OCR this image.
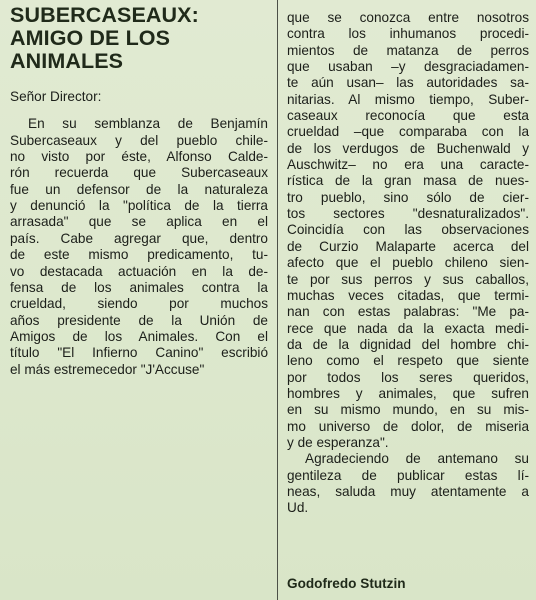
SUBERCASEAUX:
AMIGO DE LOS
ANIMALES

Señor Director:

En su semblanza de Benjamín
Subercaseaux y del pueblo chile-
no visto por éste, Alfonso Calde-
rón recuerda que Subercaseaux
fue un defensor de la naturaleza
y denunció la "política de la tierra
arrasada" que se aplica en el
país. Cabe agregar que, dentro
de este mismo predicamento, tu-
vo destacada actuación en la de-
fensa de los animales contra la
crueldad, siendo por muchos
años presidente de la Unión de
Amigos de los Animales. Con el
título "El Infierno Canino" escribió
el más estremecedor "J'Accuse"
que se conozca entre nosotros
contra los inhumanos procedi-
mientos de matanza de perros
que usaban –y desgraciadamen-
te aún usan– las autoridades sa-
nitarias. Al mismo tiempo, Suber-
caseaux reconocía que esta
crueldad –que comparaba con la
de los verdugos de Buchenwald y
Auschwitz– no era una caracte-
rística de la gran masa de nues-
tro pueblo, sino sólo de cier-
tos sectores "desnaturalizados".
Coincidía con las observaciones
de Curzio Malaparte acerca del
afecto que el pueblo chileno sien-
te por sus perros y sus caballos,
muchas veces citadas, que termi-
nan con estas palabras: "Me pa-
rece que nada da la exacta medi-
da de la dignidad del hombre chi-
leno como el respeto que siente
por todos los seres queridos,
hombres y animales, que sufren
en su mismo mundo, en su mis-
mo universo de dolor, de miseria
y de esperanza".
Agradeciendo de antemano su
gentileza de publicar estas lí-
neas, saluda muy atentamente a
Ud.
Godofredo Stutzin
